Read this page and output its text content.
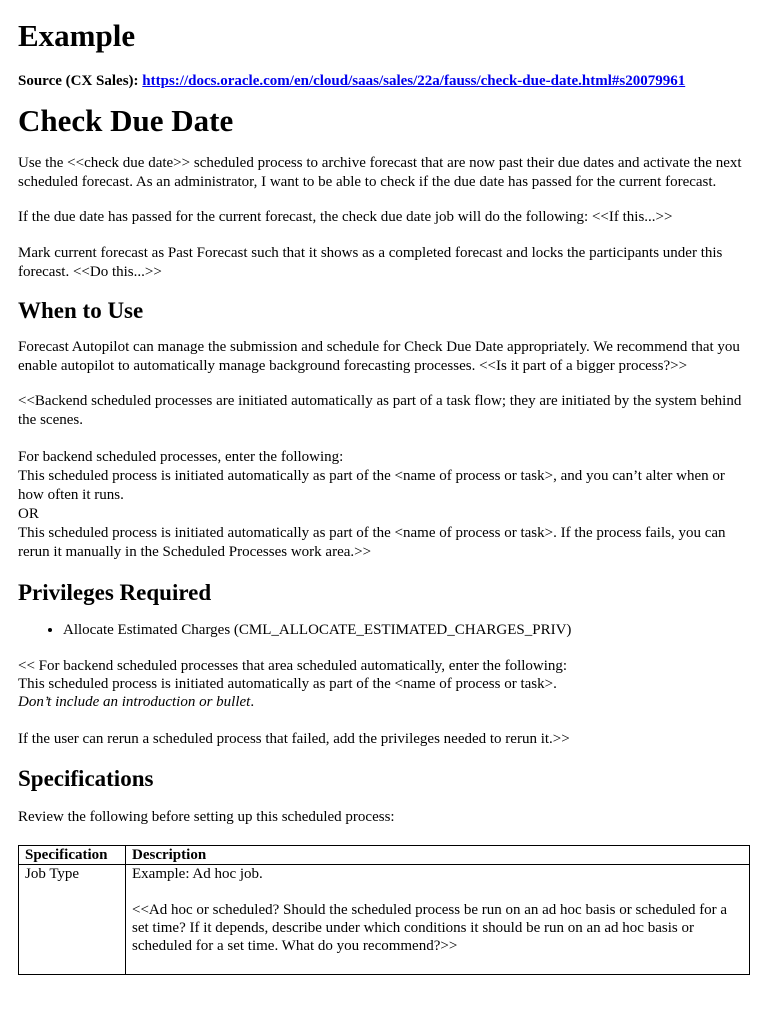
Example

Source (CX Sales): https://docs.oracle.com/en/cloud/saas/sales/22a/fauss/check-due-date.html#s20079961

Check Due Date

Use the <<check due date>> scheduled process to archive forecast that are now past their due dates and activate the next scheduled forecast. As an administrator, I want to be able to check if the due date has passed for the current forecast.

If the due date has passed for the current forecast, the check due date job will do the following: <<If this...>>

Mark current forecast as Past Forecast such that it shows as a completed forecast and locks the participants under this forecast. <<Do this...>>

When to Use

Forecast Autopilot can manage the submission and schedule for Check Due Date appropriately. We recommend that you enable autopilot to automatically manage background forecasting processes. <<Is it part of a bigger process?>>

<<Backend scheduled processes are initiated automatically as part of a task flow; they are initiated by the system behind the scenes.

For backend scheduled processes, enter the following:
This scheduled process is initiated automatically as part of the <name of process or task>, and you can’t alter when or how often it runs.
OR
This scheduled process is initiated automatically as part of the <name of process or task>. If the process fails, you can rerun it manually in the Scheduled Processes work area.>>

Privileges Required
• Allocate Estimated Charges (CML_ALLOCATE_ESTIMATED_CHARGES_PRIV)

<< For backend scheduled processes that area scheduled automatically, enter the following:
This scheduled process is initiated automatically as part of the <name of process or task>.
Don’t include an introduction or bullet.

If the user can rerun a scheduled process that failed, add the privileges needed to rerun it.>>

Specifications

Review the following before setting up this scheduled process:

Specification	Description
Job Type	Example: Ad hoc job.
<<Ad hoc or scheduled? Should the scheduled process be run on an ad hoc basis or scheduled for a set time? If it depends, describe under which conditions it should be run on an ad hoc basis or scheduled for a set time. What do you recommend?>>
